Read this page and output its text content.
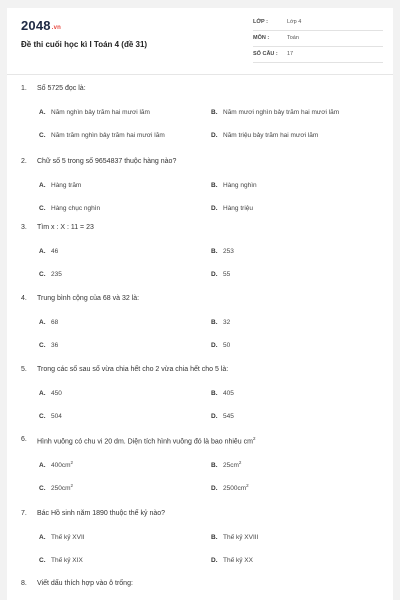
2048.vn
Đề thi cuối học kì I Toán 4 (đề 31)
LỚP :	Lớp 4
MÔN :	Toán
SỐ CÂU : 17
1.	Số 5725 đọc là:
A. Năm nghìn bảy trăm hai mươi lăm	B. Năm mươi nghìn bảy trăm hai mươi lăm
C. Năm trăm nghìn bảy trăm hai mươi lăm	D. Năm triệu bảy trăm hai mươi lăm
2.	Chữ số 5 trong số 9654837 thuộc hàng nào?
A. Hàng trăm	B. Hàng nghìn
C. Hàng chục nghìn	D. Hàng triệu
3.	Tìm x : X : 11 = 23
A. 46	B. 253
C. 235	D. 55
4.	Trung bình cộng của 68 và 32 là:
A. 68	B. 32
C. 36	D. 50
5.	Trong các số sau số vừa chia hết cho 2 vừa chia hết cho 5 là:
A. 450	B. 405
C. 504	D. 545
6.	Hình vuông có chu vi 20 dm. Diện tích hình vuông đó là bao nhiêu $cm^2$
A. $400cm^2$	B. $25cm^2$
C. $250cm^2$	D. $2500cm^2$
7.	Bác Hồ sinh năm 1890 thuộc thế kỷ nào?
A. Thế kỷ XVII	B. Thế kỷ XVIII
C. Thế kỷ XIX	D. Thế kỷ XX
8.	Viết dấu thích hợp vào ô trống:
